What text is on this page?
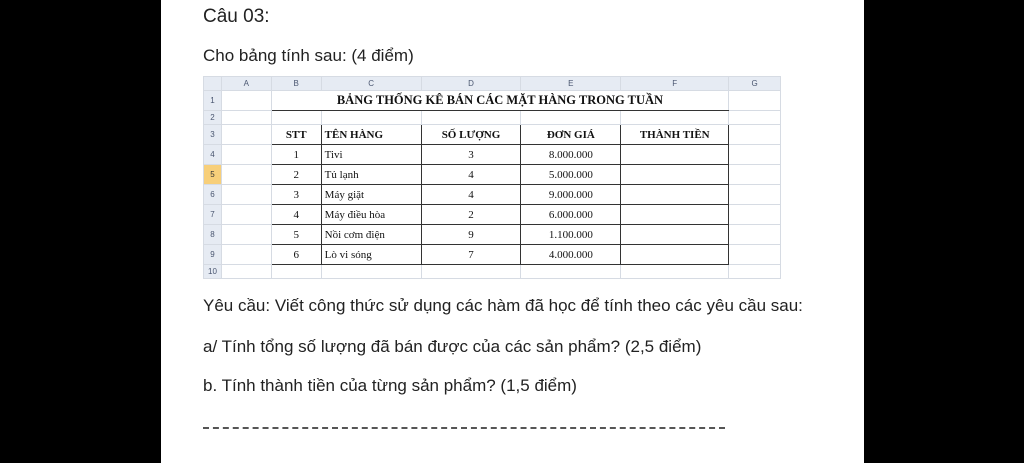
Câu 03:
Cho bảng tính sau: (4 điểm)
	A	B	C	D	E	F	G
1		BẢNG THỐNG KÊ BÁN CÁC MẶT HÀNG TRONG TUẦN					
2							
3		STT	TÊN HÀNG	SỐ LƯỢNG	ĐƠN GIÁ	THÀNH TIỀN	
4		1	Tivi	3	8.000.000		
5		2	Tủ lạnh	4	5.000.000		
6		3	Máy giặt	4	9.000.000		
7		4	Máy điều hòa	2	6.000.000		
8		5	Nồi cơm điện	9	1.100.000		
9		6	Lò vi sóng	7	4.000.000		
10							
Yêu cầu: Viết công thức sử dụng các hàm đã học để tính theo các yêu cầu sau:
a/ Tính tổng số lượng đã bán được của các sản phẩm? (2,5 điểm)
b. Tính thành tiền của từng sản phẩm? (1,5 điểm)
